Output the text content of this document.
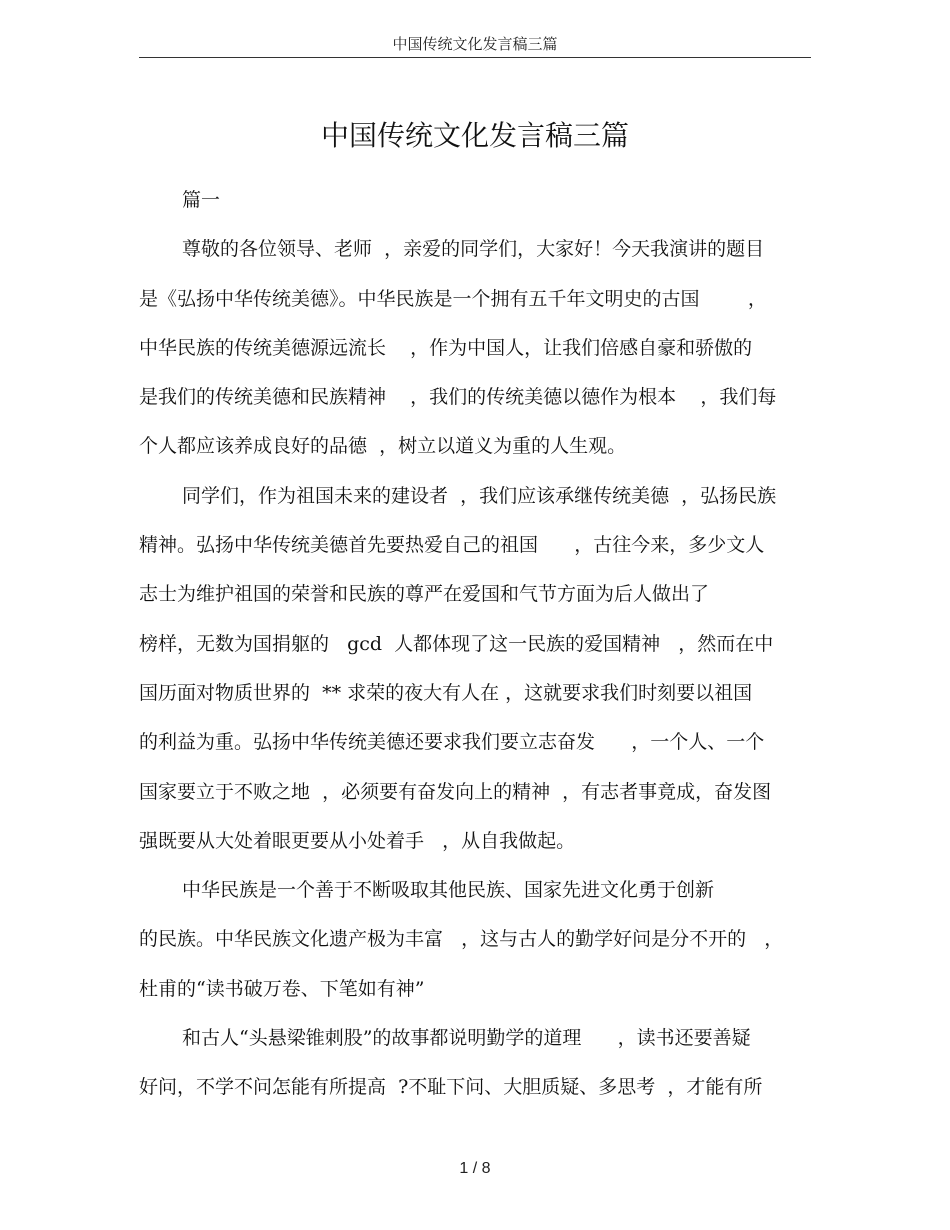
中国传统文化发言稿三篇
中国传统文化发言稿三篇
篇一
尊敬的各位领导、老师  ，亲爱的同学们，大家好！今天我演讲的题目
是《弘扬中华传统美德》。中华民族是一个拥有五千年文明史的古国        ，
中华民族的传统美德源远流长    ，作为中国人，让我们倍感自豪和骄傲的
是我们的传统美德和民族精神    ，我们的传统美德以德作为根本    ，我们每
个人都应该养成良好的品德  ，树立以道义为重的人生观。
同学们，作为祖国未来的建设者  ，我们应该承继传统美德  ，弘扬民族
精神。弘扬中华传统美德首先要热爱自己的祖国      ，古往今来，多少文人
志士为维护祖国的荣誉和民族的尊严在爱国和气节方面为后人做出了
榜样，无数为国捐躯的   gcd  人都体现了这一民族的爱国精神   ，然而在中
国历面对物质世界的  ** 求荣的夜大有人在 ，这就要求我们时刻要以祖国
的利益为重。弘扬中华传统美德还要求我们要立志奋发      ，一个人、一个
国家要立于不败之地  ，必须要有奋发向上的精神  ，有志者事竟成，奋发图
强既要从大处着眼更要从小处着手   ，从自我做起。
中华民族是一个善于不断吸取其他民族、国家先进文化勇于创新
的民族。中华民族文化遗产极为丰富   ，这与古人的勤学好问是分不开的   ，
杜甫的“读书破万卷、下笔如有神”
和古人“头悬梁锥刺股”的故事都说明勤学的道理      ，读书还要善疑
好问，不学不问怎能有所提高  ?不耻下问、大胆质疑、多思考  ，才能有所
1 / 8
